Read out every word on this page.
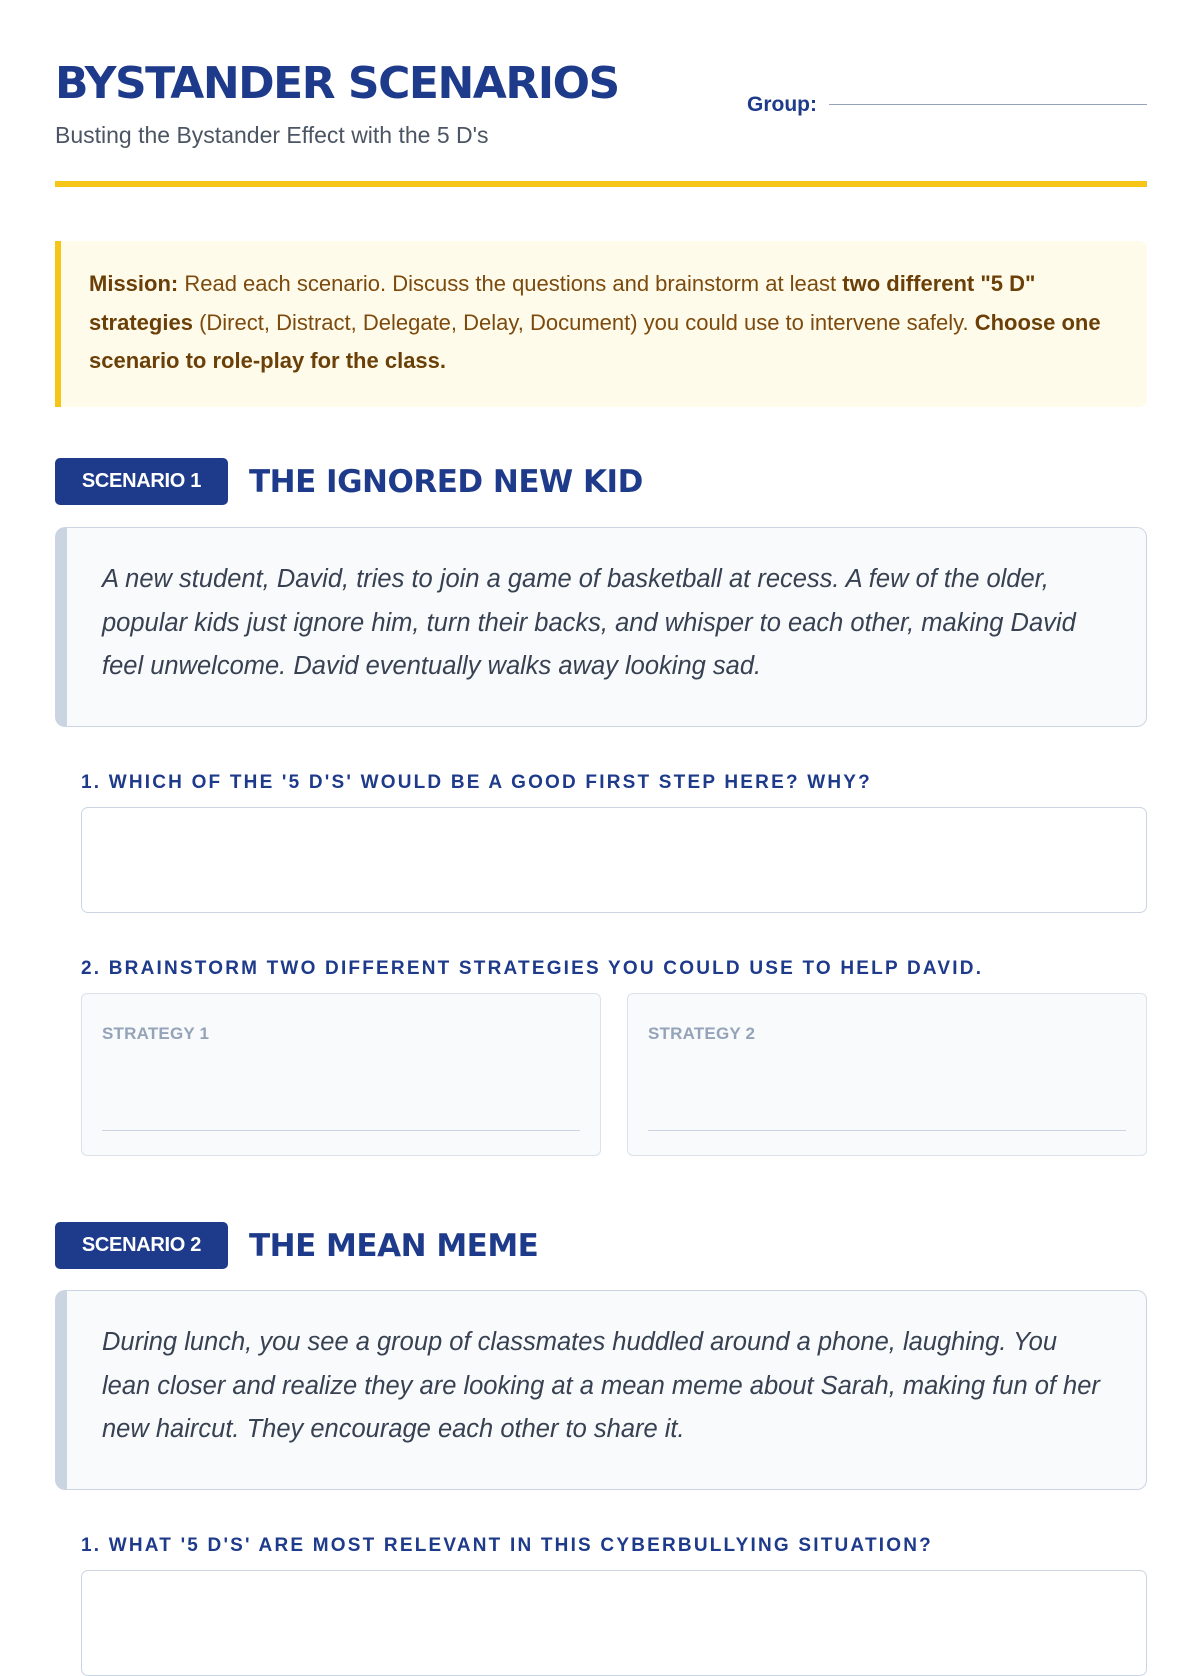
BYSTANDER SCENARIOS
Busting the Bystander Effect with the 5 D's
Group:
Mission: Read each scenario. Discuss the questions and brainstorm at least two different "5 D" strategies (Direct, Distract, Delegate, Delay, Document) you could use to intervene safely. Choose one scenario to role-play for the class.
SCENARIO 1	THE IGNORED NEW KID
A new student, David, tries to join a game of basketball at recess. A few of the older, popular kids just ignore him, turn their backs, and whisper to each other, making David feel unwelcome. David eventually walks away looking sad.
1. WHICH OF THE '5 D'S' WOULD BE A GOOD FIRST STEP HERE? WHY?
2. BRAINSTORM TWO DIFFERENT STRATEGIES YOU COULD USE TO HELP DAVID.
STRATEGY 1	STRATEGY 2
SCENARIO 2	THE MEAN MEME
During lunch, you see a group of classmates huddled around a phone, laughing. You lean closer and realize they are looking at a mean meme about Sarah, making fun of her new haircut. They encourage each other to share it.
1. WHAT '5 D'S' ARE MOST RELEVANT IN THIS CYBERBULLYING SITUATION?
